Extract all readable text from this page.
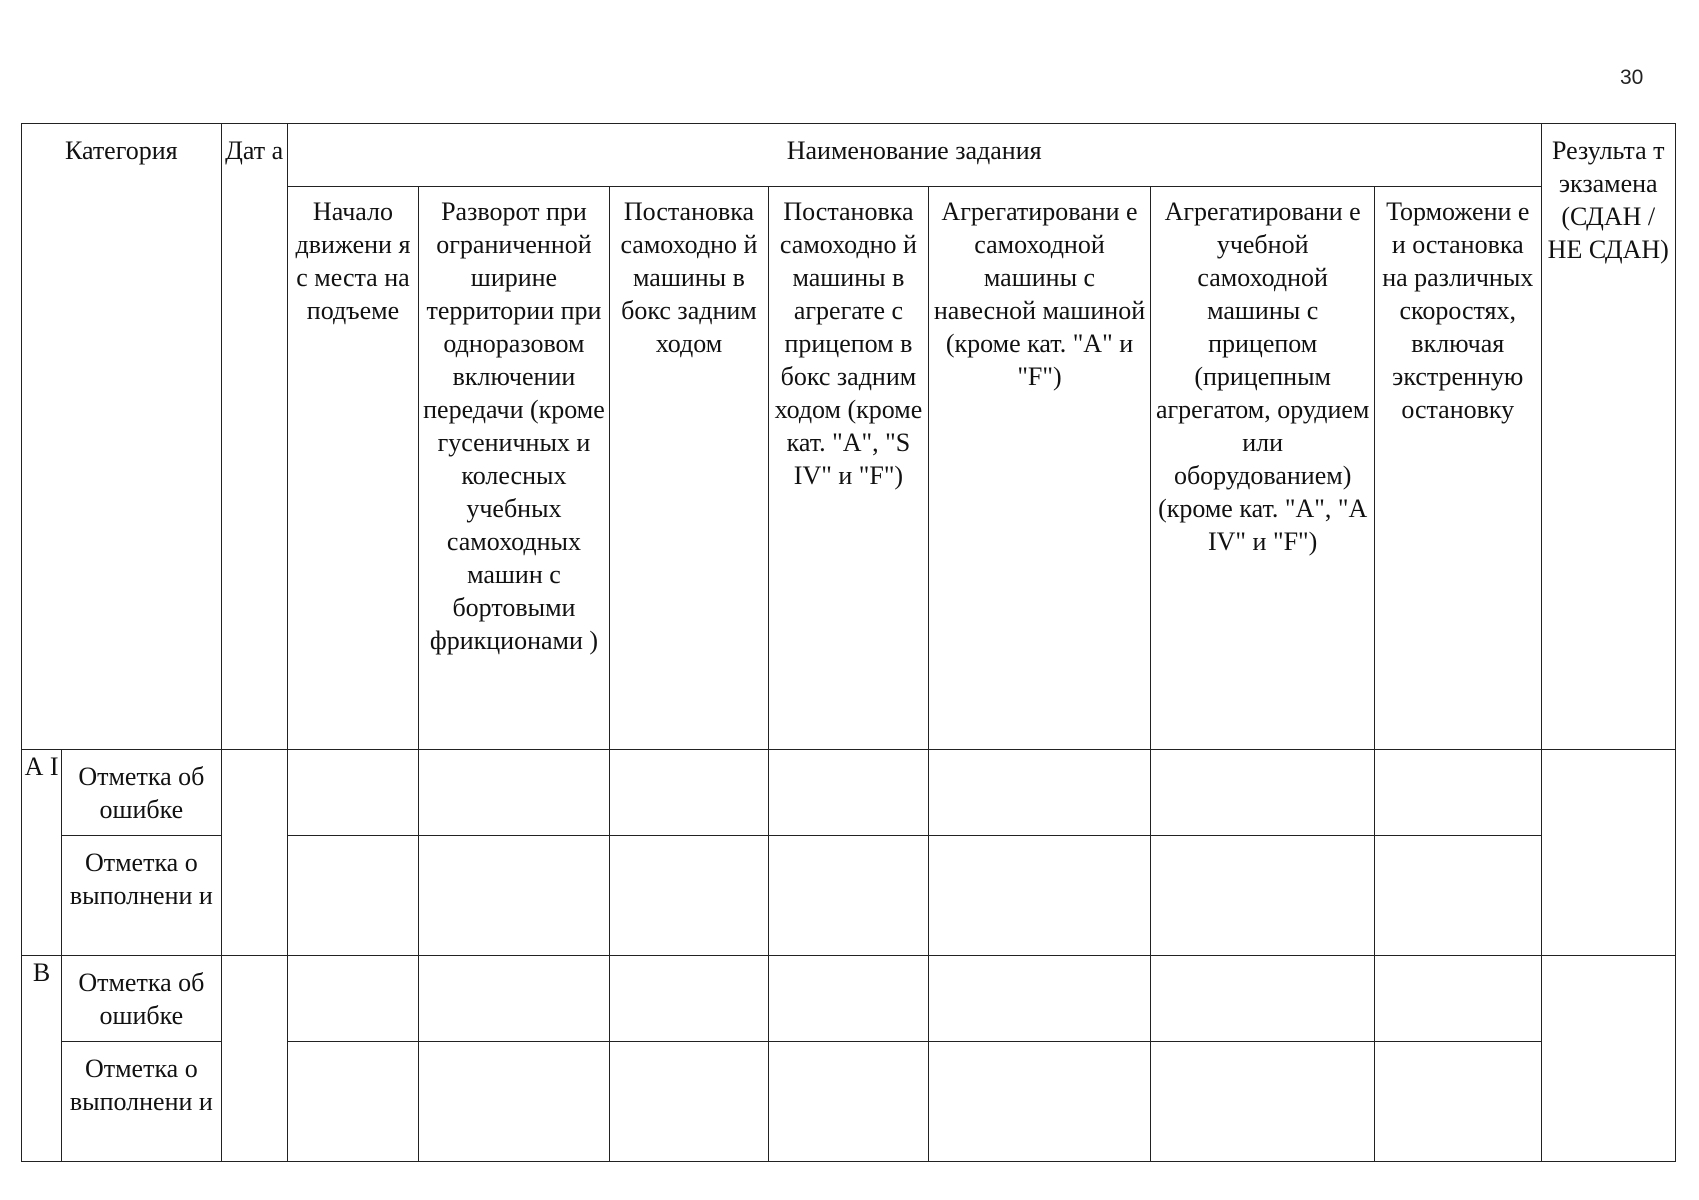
30
Категория		Дат а	Наименование задания							Результа т экзамена (СДАН / НЕ СДАН)
			Начало движени я с места на подъеме	Разворот при ограниченной ширине территории при одноразовом включении передачи (кроме гусеничных и колесных учебных самоходных машин с бортовыми фрикционами )	Постановка самоходно й машины в бокс задним ходом	Постановка самоходно й машины в агрегате с прицепом в бокс задним ходом (кроме кат. "А", "S IV" и "F")	Агрегатировани е самоходной машины с навесной машиной (кроме кат. "А" и "F")	Агрегатировани е учебной самоходной машины с прицепом (прицепным агрегатом, орудием или оборудованием) (кроме кат. "А", "А IV" и "F")	Торможени е и остановка на различных скоростях, включая экстренную остановку	
А I	Отметка об ошибке									
	Отметка о выполнени и									
В	Отметка об ошибке									
	Отметка о выполнени и									
